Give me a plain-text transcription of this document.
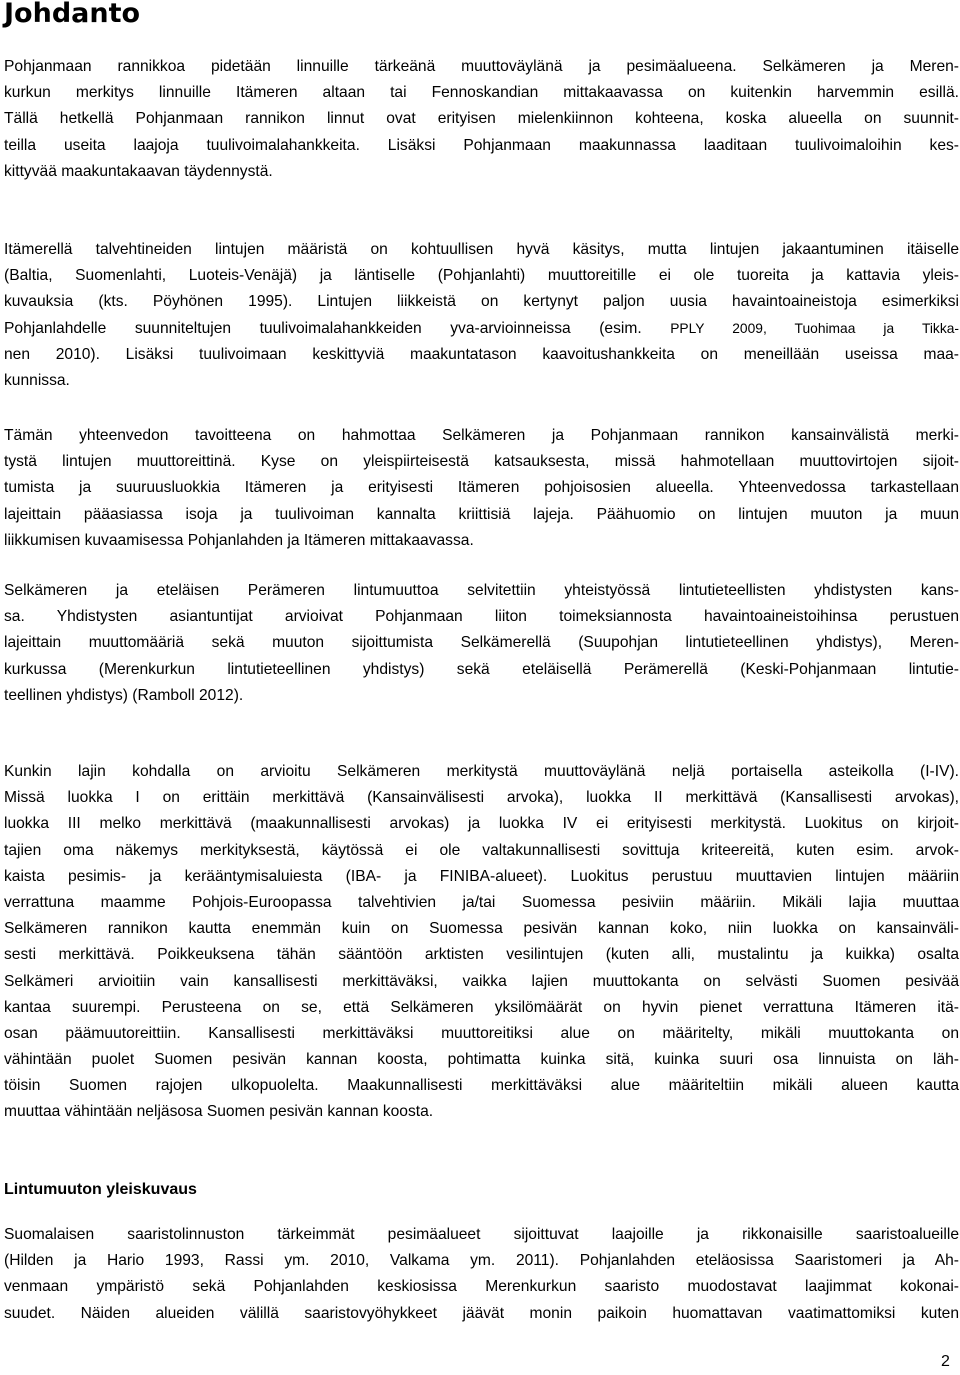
Johdanto
Pohjanmaan rannikkoa pidetään linnuille tärkeänä muuttoväylänä ja pesimäalueena. Selkämeren ja Meren-
kurkun merkitys linnuille Itämeren altaan tai Fennoskandian mittakaavassa on kuitenkin harvemmin esillä.
Tällä hetkellä Pohjanmaan rannikon linnut ovat erityisen mielenkiinnon kohteena, koska alueella on suunnit-
teilla useita laajoja tuulivoimalahankkeita. Lisäksi Pohjanmaan maakunnassa laaditaan tuulivoimaloihin kes-
kittyvää maakuntakaavan täydennystä.
Itämerellä talvehtineiden lintujen määristä on kohtuullisen hyvä käsitys, mutta lintujen jakaantuminen itäiselle
(Baltia, Suomenlahti, Luoteis-Venäjä) ja läntiselle (Pohjanlahti) muuttoreitille ei ole tuoreita ja kattavia yleis-
kuvauksia (kts. Pöyhönen 1995). Lintujen liikkeistä on kertynyt paljon uusia havaintoaineistoja esimerkiksi
Pohjanlahdelle suunniteltujen tuulivoimalahankkeiden yva-arvioinneissa (esim. PPLY 2009, Tuohimaa ja Tikka-
nen 2010). Lisäksi tuulivoimaan keskittyviä maakuntatason kaavoitushankkeita on meneillään useissa maa-
kunnissa.
Tämän yhteenvedon tavoitteena on hahmottaa Selkämeren ja Pohjanmaan rannikon kansainvälistä merki-
tystä lintujen muuttoreittinä. Kyse on yleispiirteisestä katsauksesta, missä hahmotellaan muuttovirtojen sijoit-
tumista ja suuruusluokkia Itämeren ja erityisesti Itämeren pohjoisosien alueella. Yhteenvedossa tarkastellaan
lajeittain pääasiassa isoja ja tuulivoiman kannalta kriittisiä lajeja. Päähuomio on lintujen muuton ja muun
liikkumisen kuvaamisessa Pohjanlahden ja Itämeren mittakaavassa.
Selkämeren ja eteläisen Perämeren lintumuuttoa selvitettiin yhteistyössä lintutieteellisten yhdistysten kans-
sa. Yhdistysten asiantuntijat arvioivat Pohjanmaan liiton toimeksiannosta havaintoaineistoihinsa perustuen
lajeittain muuttomääriä sekä muuton sijoittumista Selkämerellä (Suupohjan lintutieteellinen yhdistys), Meren-
kurkussa (Merenkurkun lintutieteellinen yhdistys) sekä eteläisellä Perämerellä (Keski-Pohjanmaan lintutie-
teellinen yhdistys) (Ramboll 2012).
Kunkin lajin kohdalla on arvioitu Selkämeren merkitystä muuttoväylänä neljä portaisella asteikolla (I-IV).
Missä luokka I on erittäin merkittävä (Kansainvälisesti arvoka), luokka II merkittävä (Kansallisesti arvokas),
luokka III melko merkittävä (maakunnallisesti arvokas) ja luokka IV ei erityisesti merkitystä. Luokitus on kirjoit-
tajien oma näkemys merkityksestä, käytössä ei ole valtakunnallisesti sovittuja kriteereitä, kuten esim. arvok-
kaista pesimis- ja kerääntymisaluiesta (IBA- ja FINIBA-alueet). Luokitus perustuu muuttavien lintujen määriin
verrattuna maamme Pohjois-Euroopassa talvehtivien ja/tai Suomessa pesiviin määriin. Mikäli lajia muuttaa
Selkämeren rannikon kautta enemmän kuin on Suomessa pesivän kannan koko, niin luokka on kansainväli-
sesti merkittävä. Poikkeuksena tähän sääntöön arktisten vesilintujen (kuten alli, mustalintu ja kuikka) osalta
Selkämeri arvioitiin vain kansallisesti merkittäväksi, vaikka lajien muuttokanta on selvästi Suomen pesivää
kantaa suurempi. Perusteena on se, että Selkämeren yksilömäärät on hyvin pienet verrattuna Itämeren itä-
osan päämuutoreittiin. Kansallisesti merkittäväksi muuttoreitiksi alue on määritelty, mikäli muuttokanta on
vähintään puolet Suomen pesivän kannan koosta, pohtimatta kuinka sitä, kuinka suuri osa linnuista on läh-
töisin Suomen rajojen ulkopuolelta. Maakunnallisesti merkittäväksi alue määriteltiin mikäli alueen kautta
muuttaa vähintään neljäsosa Suomen pesivän kannan koosta.
Lintumuuton yleiskuvaus
Suomalaisen saaristolinnuston tärkeimmät pesimäalueet sijoittuvat laajoille ja rikkonaisille saaristoalueille
(Hilden ja Hario 1993, Rassi ym. 2010, Valkama ym. 2011). Pohjanlahden eteläosissa Saaristomeri ja Ah-
venmaan ympäristö sekä Pohjanlahden keskiosissa Merenkurkun saaristo muodostavat laajimmat kokonai-
suudet. Näiden alueiden välillä saaristovyöhykkeet jäävät monin paikoin huomattavan vaatimattomiksi kuten
2
